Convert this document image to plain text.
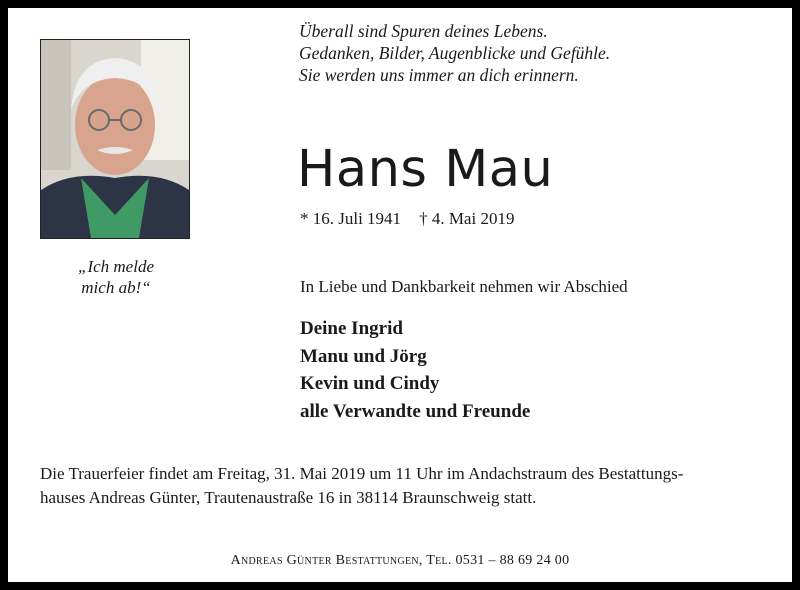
„Ich melde
mich ab!“
Überall sind Spuren deines Lebens.
Gedanken, Bilder, Augenblicke und Gefühle.
Sie werden uns immer an dich erinnern.
Hans Mau
* 16. Juli 1941 † 4. Mai 2019
In Liebe und Dankbarkeit nehmen wir Abschied
Deine Ingrid
Manu und Jörg
Kevin und Cindy
alle Verwandte und Freunde
Die Trauerfeier findet am Freitag, 31. Mai 2019 um 11 Uhr im Andachstraum des Bestattungs-
hauses Andreas Günter, Trautenaustraße 16 in 38114 Braunschweig statt.
Andreas Günter Bestattungen, Tel. 0531 – 88 69 24 00
